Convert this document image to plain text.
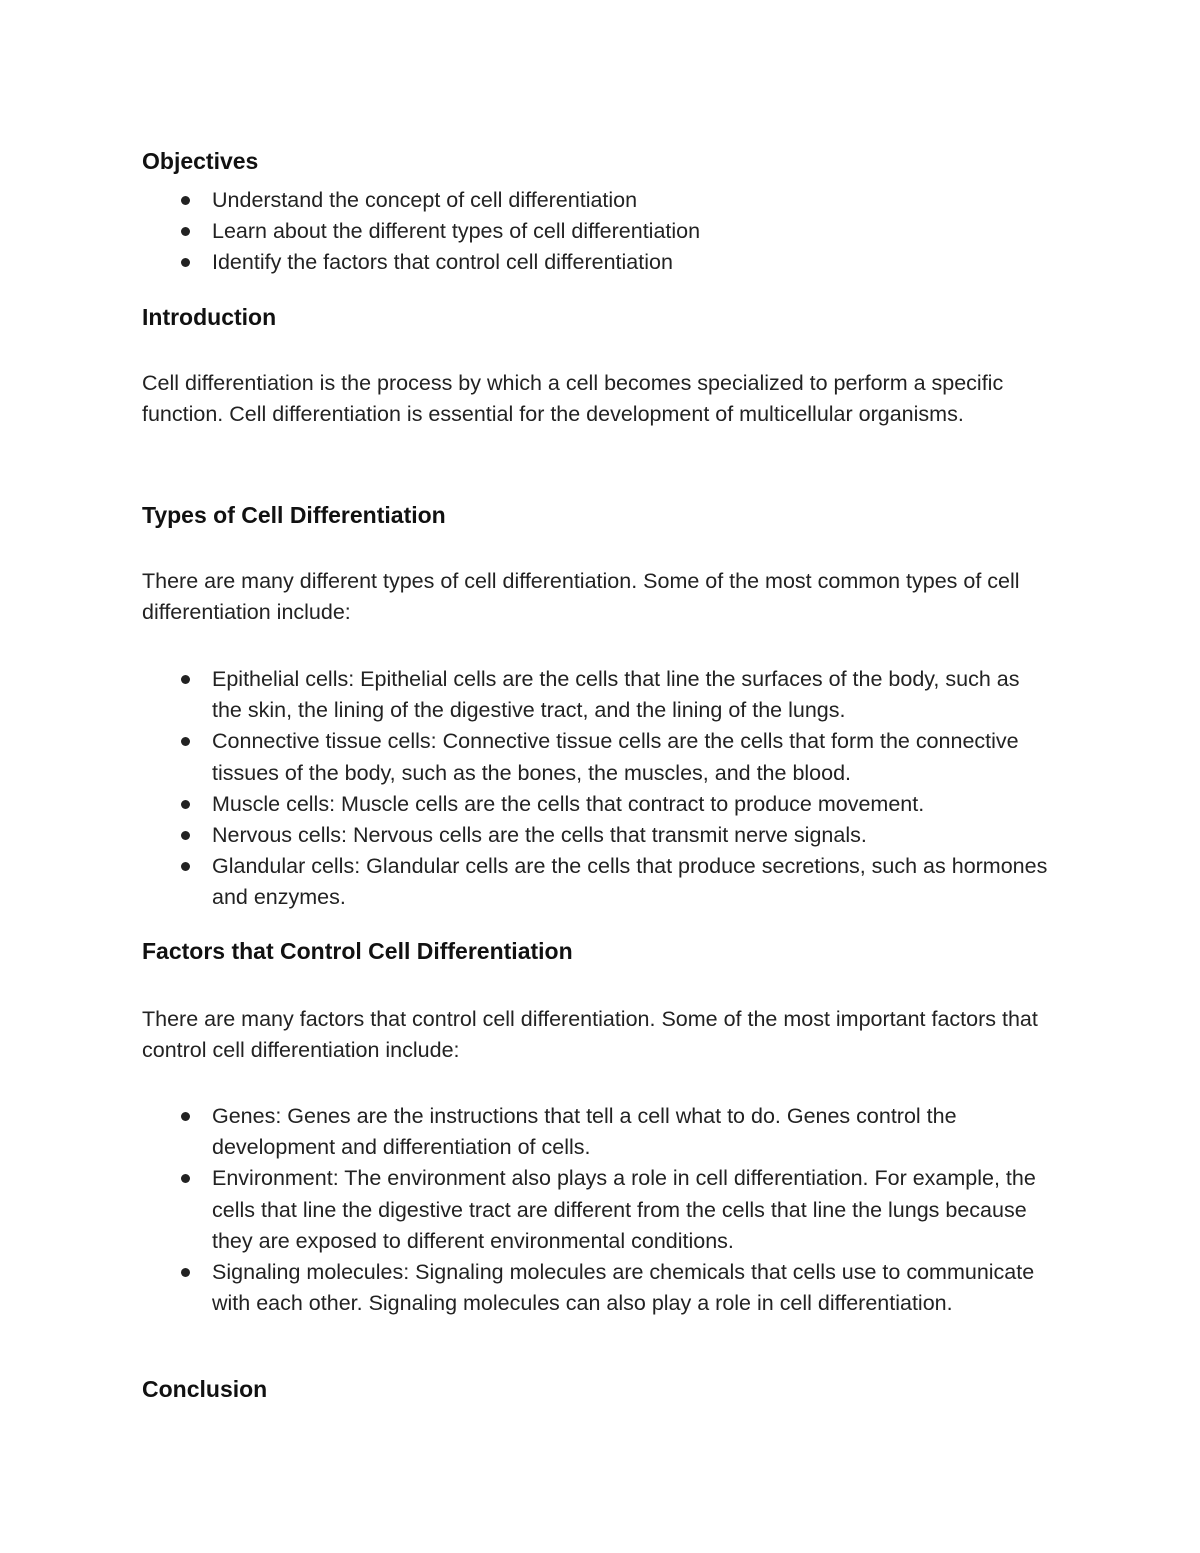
Objectives
Understand the concept of cell differentiation
Learn about the different types of cell differentiation
Identify the factors that control cell differentiation
Introduction

Cell differentiation is the process by which a cell becomes specialized to perform a specific function. Cell differentiation is essential for the development of multicellular organisms.

Types of Cell Differentiation

There are many different types of cell differentiation. Some of the most common types of cell differentiation include:

Epithelial cells: Epithelial cells are the cells that line the surfaces of the body, such as the skin, the lining of the digestive tract, and the lining of the lungs.
Connective tissue cells: Connective tissue cells are the cells that form the connective tissues of the body, such as the bones, the muscles, and the blood.
Muscle cells: Muscle cells are the cells that contract to produce movement.
Nervous cells: Nervous cells are the cells that transmit nerve signals.
Glandular cells: Glandular cells are the cells that produce secretions, such as hormones and enzymes.
Factors that Control Cell Differentiation

There are many factors that control cell differentiation. Some of the most important factors that control cell differentiation include:

Genes: Genes are the instructions that tell a cell what to do. Genes control the development and differentiation of cells.
Environment: The environment also plays a role in cell differentiation. For example, the cells that line the digestive tract are different from the cells that line the lungs because they are exposed to different environmental conditions.
Signaling molecules: Signaling molecules are chemicals that cells use to communicate with each other. Signaling molecules can also play a role in cell differentiation.
Conclusion
